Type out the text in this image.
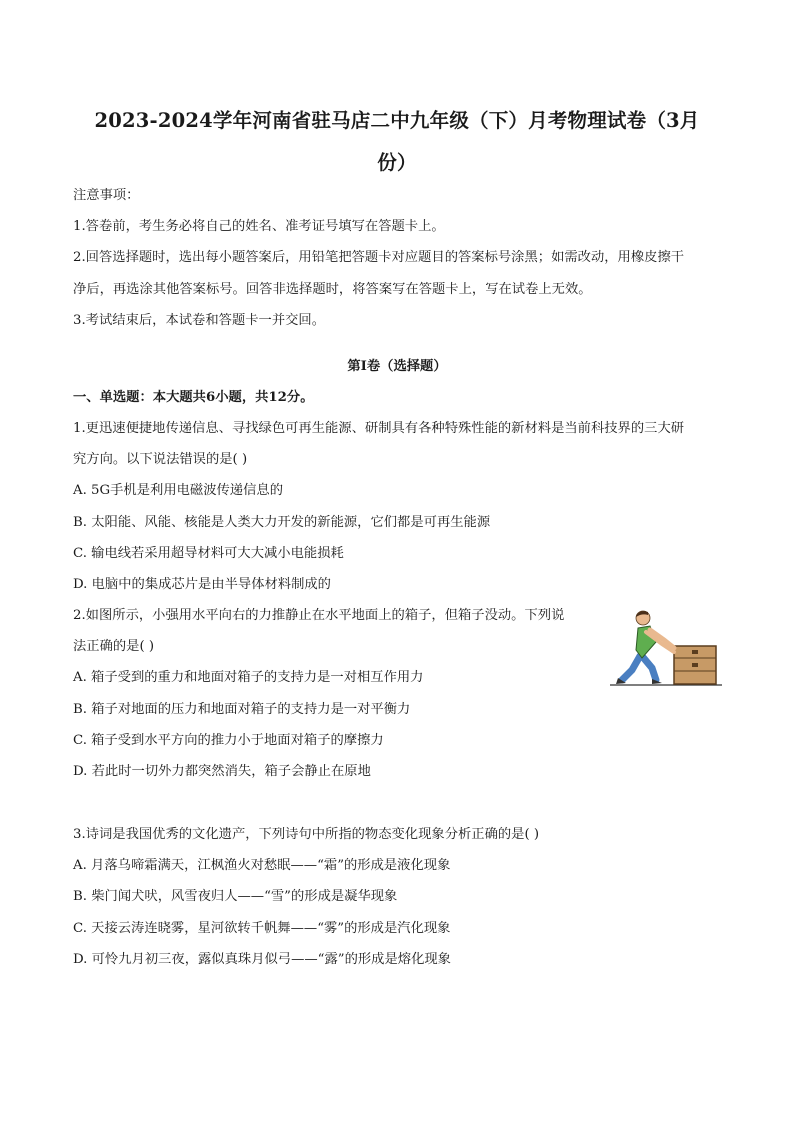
2023-2024学年河南省驻马店二中九年级（下）月考物理试卷（3月
份）
注意事项：
1.答卷前，考生务必将自己的姓名、准考证号填写在答题卡上。
2.回答选择题时，选出每小题答案后，用铅笔把答题卡对应题目的答案标号涂黑；如需改动，用橡皮擦干
净后，再选涂其他答案标号。回答非选择题时，将答案写在答题卡上，写在试卷上无效。
3.考试结束后，本试卷和答题卡一并交回。
第I卷（选择题）
一、单选题：本大题共6小题，共12分。
1.更迅速便捷地传递信息、寻找绿色可再生能源、研制具有各种特殊性能的新材料是当前科技界的三大研
究方向。以下说法错误的是( )
A. 5G手机是利用电磁波传递信息的
B. 太阳能、风能、核能是人类大力开发的新能源，它们都是可再生能源
C. 输电线若采用超导材料可大大减小电能损耗
D. 电脑中的集成芯片是由半导体材料制成的
2.如图所示，小强用水平向右的力推静止在水平地面上的箱子，但箱子没动。下列说
法正确的是( )
A. 箱子受到的重力和地面对箱子的支持力是一对相互作用力
B. 箱子对地面的压力和地面对箱子的支持力是一对平衡力
C. 箱子受到水平方向的推力小于地面对箱子的摩擦力
D. 若此时一切外力都突然消失，箱子会静止在原地
3.诗词是我国优秀的文化遗产，下列诗句中所指的物态变化现象分析正确的是( )
A. 月落乌啼霜满天，江枫渔火对愁眠——“霜”的形成是液化现象
B. 柴门闻犬吠，风雪夜归人——“雪”的形成是凝华现象
C. 天接云涛连晓雾，星河欲转千帆舞——“雾”的形成是汽化现象
D. 可怜九月初三夜，露似真珠月似弓——“露”的形成是熔化现象
